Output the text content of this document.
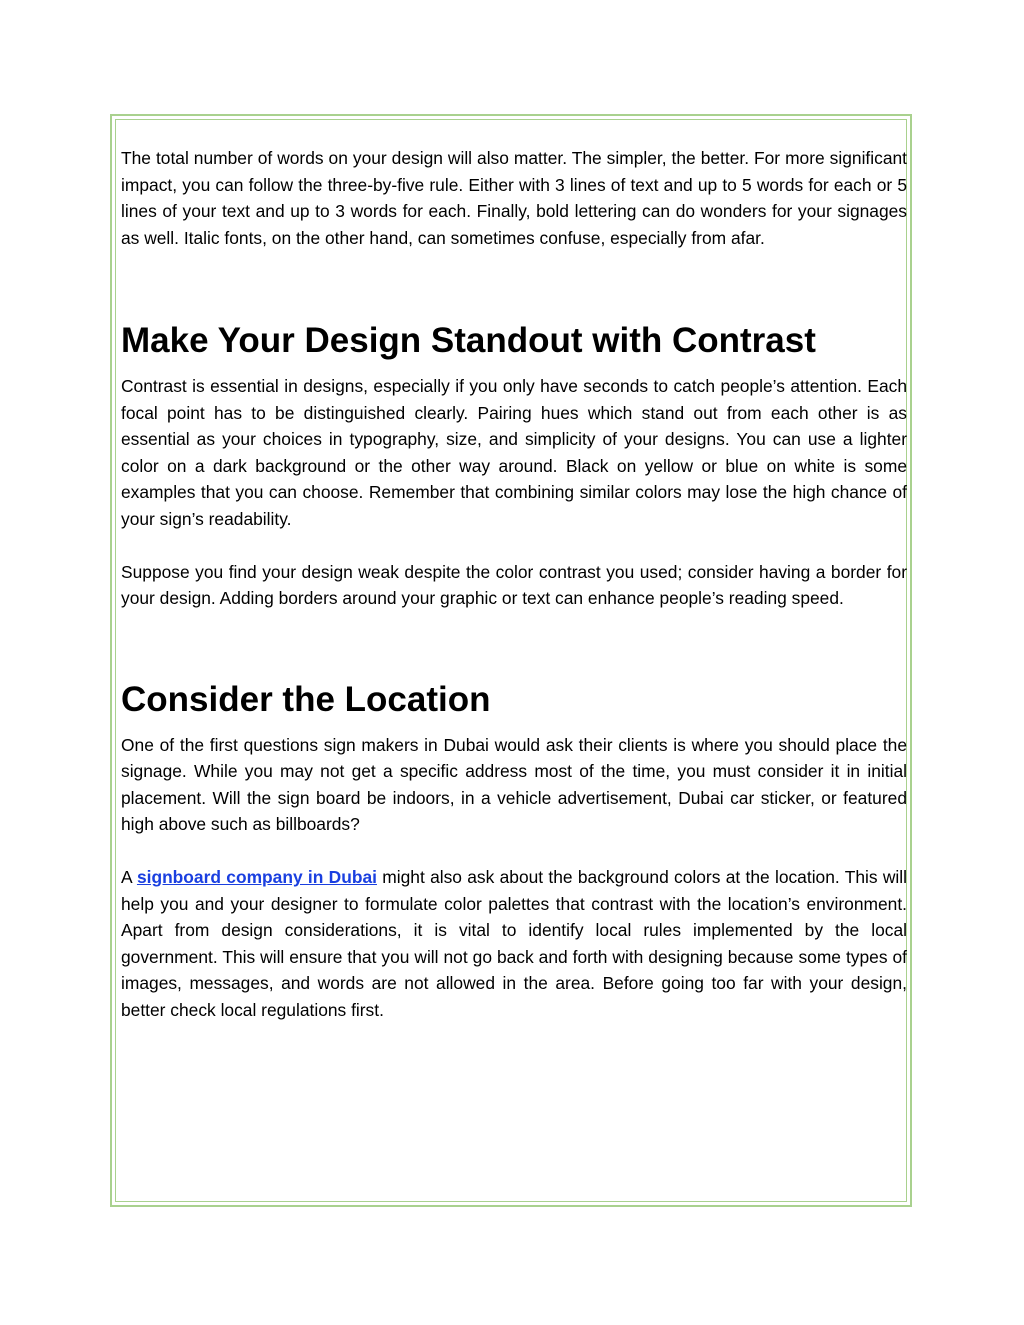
The total number of words on your design will also matter. The simpler, the better. For more significant impact, you can follow the three-by-five rule. Either with 3 lines of text and up to 5 words for each or 5 lines of your text and up to 3 words for each. Finally, bold lettering can do wonders for your signages as well. Italic fonts, on the other hand, can sometimes confuse, especially from afar.

Make Your Design Standout with Contrast

Contrast is essential in designs, especially if you only have seconds to catch people’s attention. Each focal point has to be distinguished clearly. Pairing hues which stand out from each other is as essential as your choices in typography, size, and simplicity of your designs. You can use a lighter color on a dark background or the other way around. Black on yellow or blue on white is some examples that you can choose. Remember that combining similar colors may lose the high chance of your sign’s readability.

Suppose you find your design weak despite the color contrast you used; consider having a border for your design. Adding borders around your graphic or text can enhance people’s reading speed.

Consider the Location

One of the first questions sign makers in Dubai would ask their clients is where you should place the signage. While you may not get a specific address most of the time, you must consider it in initial placement. Will the sign board be indoors, in a vehicle advertisement, Dubai car sticker, or featured high above such as billboards?

A signboard company in Dubai might also ask about the background colors at the location. This will help you and your designer to formulate color palettes that contrast with the location’s environment. Apart from design considerations, it is vital to identify local rules implemented by the local government. This will ensure that you will not go back and forth with designing because some types of images, messages, and words are not allowed in the area. Before going too far with your design, better check local regulations first.
